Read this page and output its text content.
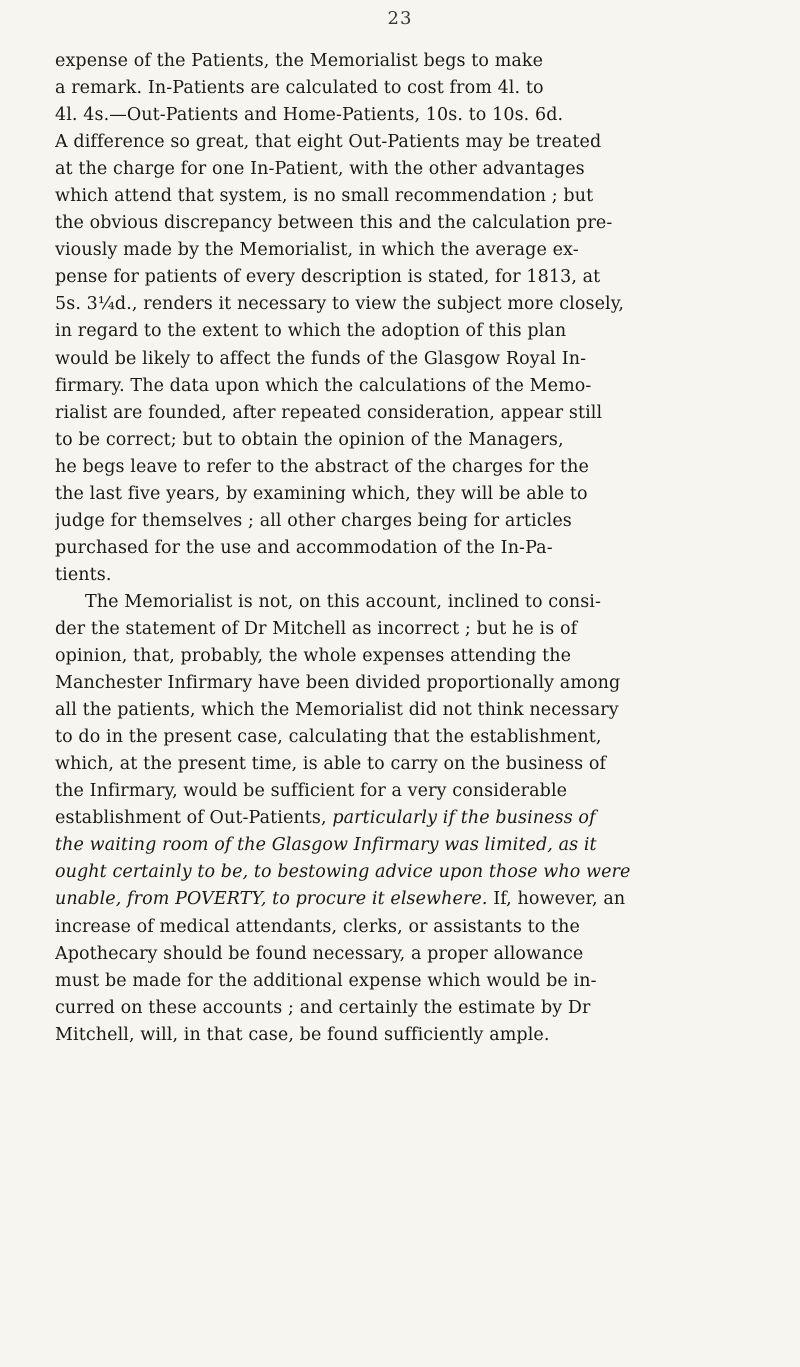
23
expense of the Patients, the Memorialist begs to make
a remark. In-Patients are calculated to cost from 4l. to
4l. 4s.—Out-Patients and Home-Patients, 10s. to 10s. 6d.
A difference so great, that eight Out-Patients may be treated
at the charge for one In-Patient, with the other advantages
which attend that system, is no small recommendation ; but
the obvious discrepancy between this and the calculation pre-
viously made by the Memorialist, in which the average ex-
pense for patients of every description is stated, for 1813, at
5s. 3¼d., renders it necessary to view the subject more closely,
in regard to the extent to which the adoption of this plan
would be likely to affect the funds of the Glasgow Royal In-
firmary. The data upon which the calculations of the Memo-
rialist are founded, after repeated consideration, appear still
to be correct; but to obtain the opinion of the Managers,
he begs leave to refer to the abstract of the charges for the
the last five years, by examining which, they will be able to
judge for themselves ; all other charges being for articles
purchased for the use and accommodation of the In-Pa-
tients.
The Memorialist is not, on this account, inclined to consi-
der the statement of Dr Mitchell as incorrect ; but he is of
opinion, that, probably, the whole expenses attending the
Manchester Infirmary have been divided proportionally among
all the patients, which the Memorialist did not think necessary
to do in the present case, calculating that the establishment,
which, at the present time, is able to carry on the business of
the Infirmary, would be sufficient for a very considerable
establishment of Out-Patients, particularly if the business of
the waiting room of the Glasgow Infirmary was limited, as it
ought certainly to be, to bestowing advice upon those who were
unable, from POVERTY, to procure it elsewhere. If, however, an
increase of medical attendants, clerks, or assistants to the
Apothecary should be found necessary, a proper allowance
must be made for the additional expense which would be in-
curred on these accounts ; and certainly the estimate by Dr
Mitchell, will, in that case, be found sufficiently ample.
